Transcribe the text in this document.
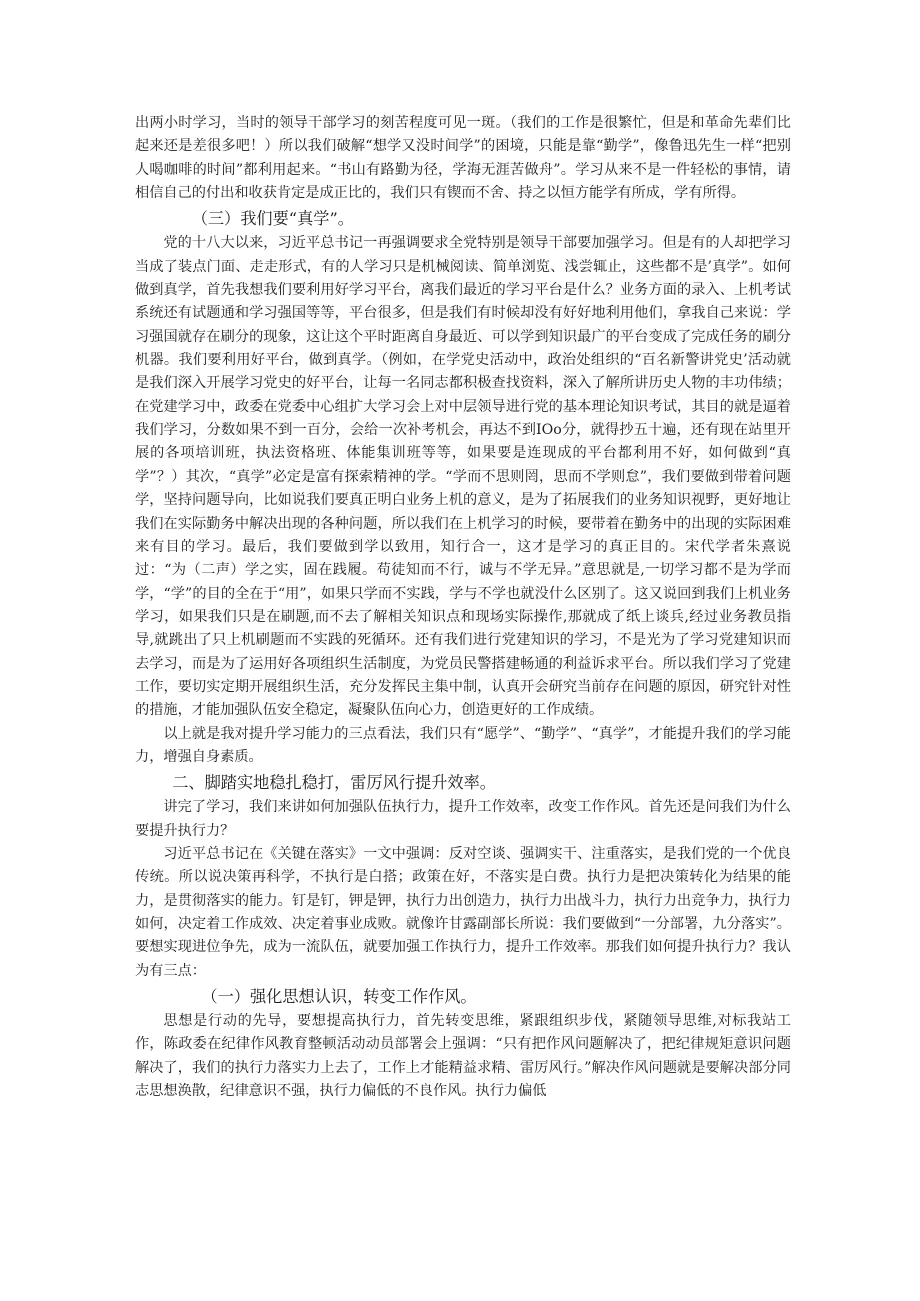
出两小时学习，当时的领导干部学习的刻苦程度可见一斑。（我们的工作是很繁忙，但是和革命先辈们比起来还是差很多吧！）所以我们破解“想学又没时间学”的困境，只能是靠“勤学”，像鲁迅先生一样“把别人喝咖啡的时间”都利用起来。“书山有路勤为径，学海无涯苦做舟”。学习从来不是一件轻松的事情，请相信自己的付出和收获肯定是成正比的，我们只有锲而不舍、持之以恒方能学有所成，学有所得。

（三）我们要“真学”。

党的十八大以来，习近平总书记一再强调要求全党特别是领导干部要加强学习。但是有的人却把学习当成了装点门面、走走形式，有的人学习只是机械阅读、简单浏览、浅尝辄止，这些都不是’真学”。如何做到真学，首先我想我们要利用好学习平台，离我们最近的学习平台是什么？业务方面的录入、上机考试系统还有试题通和学习强国等等，平台很多，但是我们有时候却没有好好地利用他们，拿我自己来说：学习强国就存在刷分的现象，这让这个平时距离自身最近、可以学到知识最广的平台变成了完成任务的刷分机器。我们要利用好平台，做到真学。（例如，在学党史活动中，政治处组织的“百名新警讲党史’活动就是我们深入开展学习党史的好平台，让每一名同志都积极查找资料，深入了解所讲历史人物的丰功伟绩；在党建学习中，政委在党委中心组扩大学习会上对中层领导进行党的基本理论知识考试，其目的就是逼着我们学习，分数如果不到一百分，会给一次补考机会，再达不到IOo分，就得抄五十遍，还有现在站里开展的各项培训班，执法资格班、体能集训班等等，如果要是连现成的平台都利用不好，如何做到“真学”？）其次，“真学”必定是富有探索精神的学。“学而不思则罔，思而不学则怠”，我们要做到带着问题学，坚持问题导向，比如说我们要真正明白业务上机的意义，是为了拓展我们的业务知识视野，更好地让我们在实际勤务中解决出现的各种问题，所以我们在上机学习的时候，要带着在勤务中的出现的实际困难来有目的学习。最后，我们要做到学以致用，知行合一，这才是学习的真正目的。宋代学者朱熹说过：“为（二声）学之实，固在践履。苟徒知而不行，诚与不学无异。”意思就是,一切学习都不是为学而学，“学”的目的全在于“用”，如果只学而不实践，学与不学也就没什么区别了。这又说回到我们上机业务学习，如果我们只是在刷题,而不去了解相关知识点和现场实际操作,那就成了纸上谈兵,经过业务教员指导,就跳出了只上机刷题而不实践的死循环。还有我们进行党建知识的学习，不是光为了学习党建知识而去学习，而是为了运用好各项组织生活制度，为党员民警搭建畅通的利益诉求平台。所以我们学习了党建工作，要切实定期开展组织生活，充分发挥民主集中制，认真开会研究当前存在问题的原因，研究针对性的措施，才能加强队伍安全稳定，凝聚队伍向心力，创造更好的工作成绩。

以上就是我对提升学习能力的三点看法，我们只有“愿学”、“勤学”、“真学”，才能提升我们的学习能力，增强自身素质。

二、脚踏实地稳扎稳打，雷厉风行提升效率。

讲完了学习，我们来讲如何加强队伍执行力，提升工作效率，改变工作作风。首先还是问我们为什么要提升执行力？

习近平总书记在《关键在落实》一文中强调：反对空谈、强调实干、注重落实，是我们党的一个优良传统。所以说决策再科学，不执行是白搭；政策在好，不落实是白费。执行力是把决策转化为结果的能力，是贯彻落实的能力。钉是钉，钾是钾，执行力出创造力，执行力出战斗力，执行力出竞争力，执行力如何，决定着工作成效、决定着事业成败。就像许甘露副部长所说：我们要做到“一分部署，九分落实”。要想实现进位争先，成为一流队伍，就要加强工作执行力，提升工作效率。那我们如何提升执行力？我认为有三点：

（一）强化思想认识，转变工作作风。

思想是行动的先导，要想提高执行力，首先转变思维，紧跟组织步伐，紧随领导思维,对标我站工作，陈政委在纪律作风教育整顿活动动员部署会上强调：“只有把作风问题解决了，把纪律规矩意识问题解决了，我们的执行力落实力上去了，工作上才能精益求精、雷厉风行。”解决作风问题就是要解决部分同志思想涣散，纪律意识不强，执行力偏低的不良作风。执行力偏低
